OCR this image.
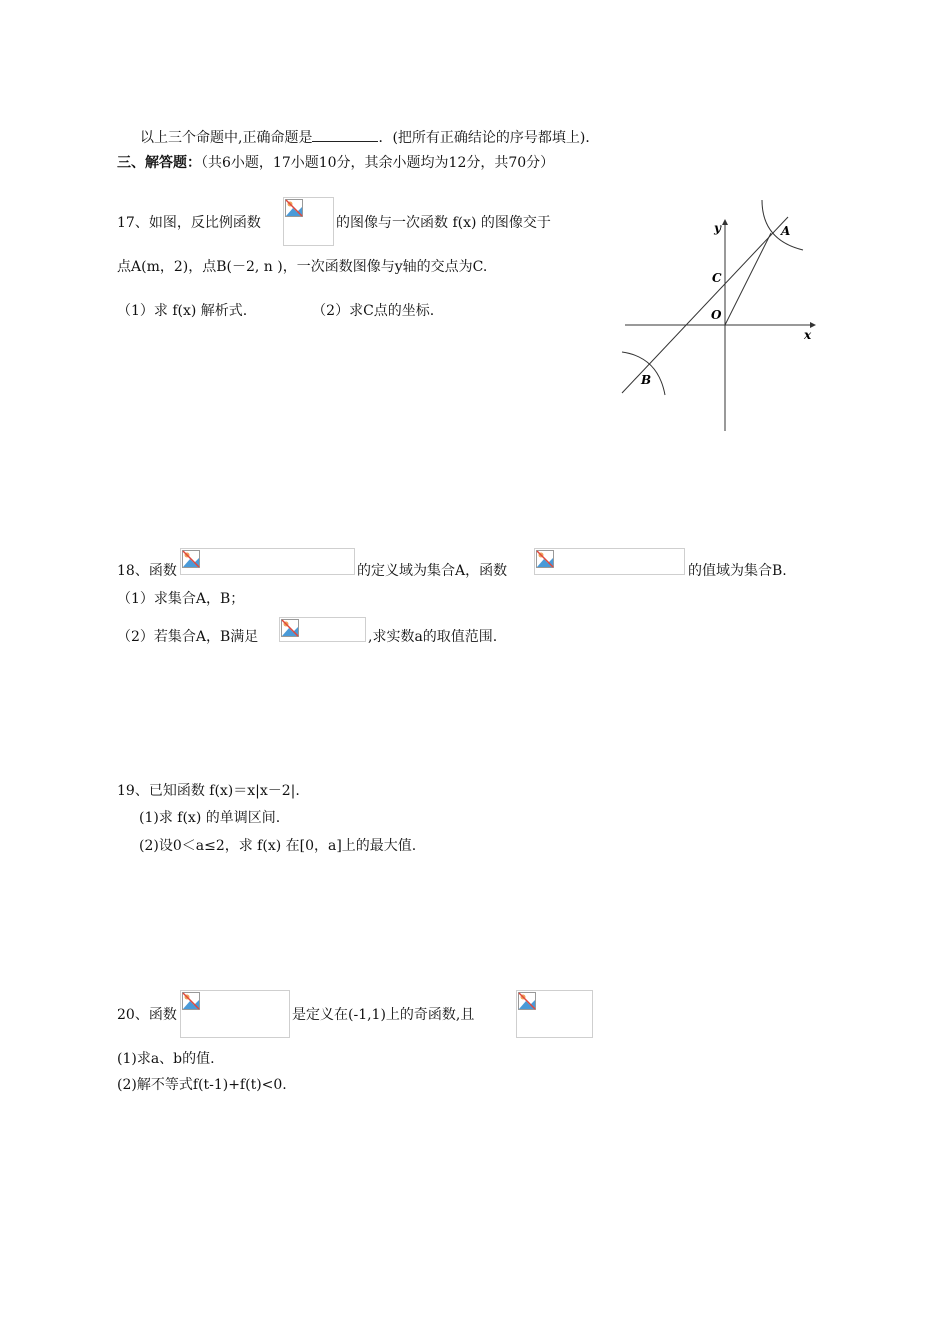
以上三个命题中,正确命题是	．(把所有正确结论的序号都填上)．
三、解答题：（共6小题，17小题10分，其余小题均为12分，共70分）
17、如图，反比例函数	的图像与一次函数 f(x) 的图像交于
点A(m，2)，点B(－2, n )，一次函数图像与y轴的交点为C.
（1）求 f(x) 解析式.	（2）求C点的坐标.
y
x
O
C
A
B
18、函数	的定义域为集合A，函数	的值域为集合B.
（1）求集合A，B；
（2）若集合A，B满足	,求实数a的取值范围.
19、已知函数 f(x)＝x|x－2|.
(1)求 f(x) 的单调区间.
(2)设0＜a≤2，求 f(x) 在[0，a]上的最大值.
20、函数	是定义在(-1,1)上的奇函数,且
(1)求a、b的值.
(2)解不等式f(t-1)+f(t)<0.
